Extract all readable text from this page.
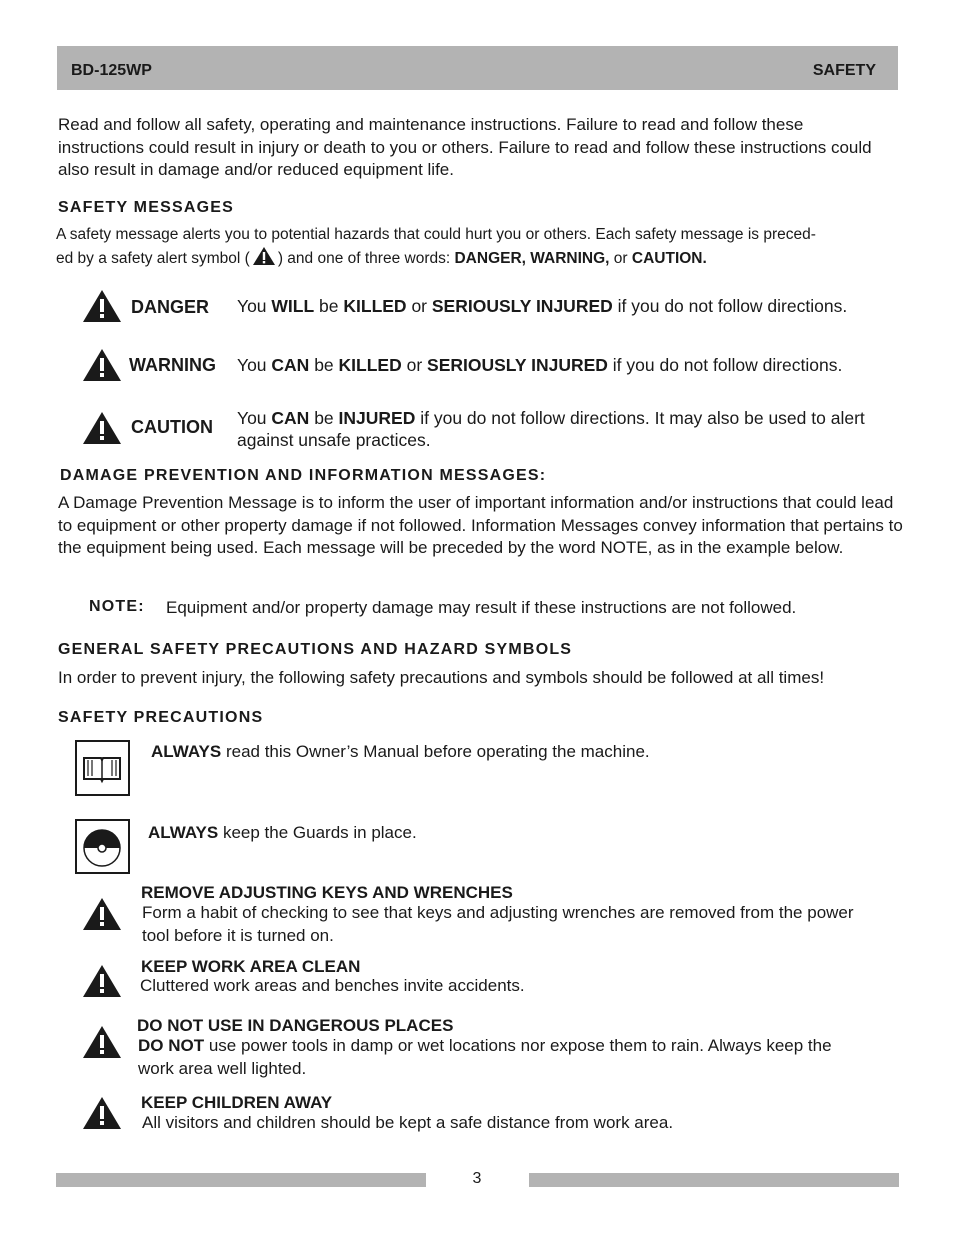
BD-125WP	SAFETY
Read and follow all safety, operating and maintenance instructions. Failure to read and follow these instructions could result in injury or death to you or others. Failure to read and follow these instructions could also result in damage and/or reduced equipment life.
SAFETY MESSAGES
A safety message alerts you to potential hazards that could hurt you or others. Each safety message is preced-
ed by a safety alert symbol ( ) and one of three words: DANGER, WARNING, or CAUTION.
DANGER You WILL be KILLED or SERIOUSLY INJURED if you do not follow directions.
WARNING You CAN be KILLED or SERIOUSLY INJURED if you do not follow directions.
CAUTION You CAN be INJURED if you do not follow directions. It may also be used to alert
against unsafe practices.
DAMAGE PREVENTION AND INFORMATION MESSAGES:
A Damage Prevention Message is to inform the user of important information and/or instructions that could lead to equipment or other property damage if not followed. Information Messages convey information that pertains to the equipment being used. Each message will be preceded by the word NOTE, as in the example below.
NOTE: Equipment and/or property damage may result if these instructions are not followed.
GENERAL SAFETY PRECAUTIONS AND HAZARD SYMBOLS
In order to prevent injury, the following safety precautions and symbols should be followed at all times!
SAFETY PRECAUTIONS
ALWAYS read this Owner’s Manual before operating the machine.
ALWAYS keep the Guards in place.
REMOVE ADJUSTING KEYS AND WRENCHES
Form a habit of checking to see that keys and adjusting wrenches are removed from the power tool before it is turned on.
KEEP WORK AREA CLEAN
Cluttered work areas and benches invite accidents.
DO NOT USE IN DANGEROUS PLACES
DO NOT use power tools in damp or wet locations nor expose them to rain. Always keep the work area well lighted.
KEEP CHILDREN AWAY
All visitors and children should be kept a safe distance from work area.
3
